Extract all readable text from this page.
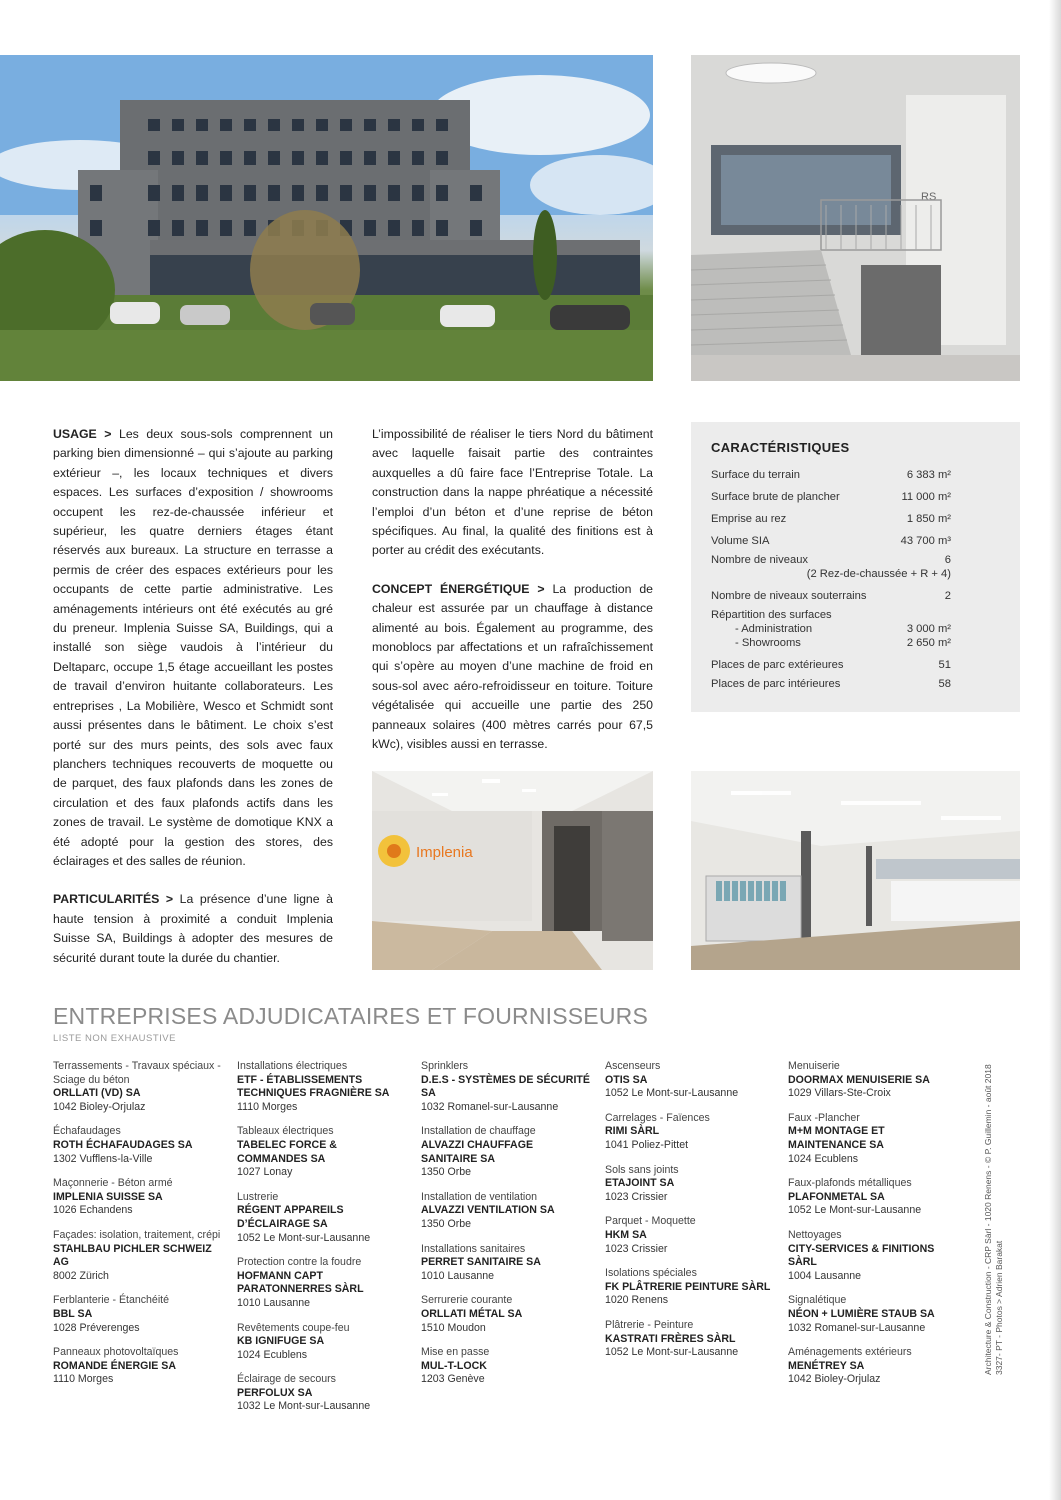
RS

USAGE > Les deux sous-sols comprennent un parking bien dimensionné – qui s’ajoute au parking extérieur –, les locaux techniques et divers espaces. Les surfaces d’exposition / showrooms occupent les rez-de-chaussée inférieur et supérieur, les quatre derniers étages étant réservés aux bureaux. La structure en terrasse a permis de créer des espaces extérieurs pour les occupants de cette partie administrative. Les aménagements intérieurs ont été exécutés au gré du preneur. Implenia Suisse SA, Buildings, qui a installé son siège vaudois à l’intérieur du Deltaparc, occupe 1,5 étage accueillant les postes de travail d’environ huitante collaborateurs. Les entreprises , La Mobilière, Wesco et Schmidt sont aussi présentes dans le bâtiment. Le choix s’est porté sur des murs peints, des sols avec faux planchers techniques recouverts de moquette ou de parquet, des faux plafonds dans les zones de circulation et des faux plafonds actifs dans les zones de travail. Le système de domotique KNX a été adopté pour la gestion des stores, des éclairages et des salles de réunion.

PARTICULARITÉS > La présence d’une ligne à haute tension à proximité a conduit Implenia Suisse SA, Buildings à adopter des mesures de sécurité durant toute la durée du chantier.

L’impossibilité de réaliser le tiers Nord du bâtiment avec laquelle faisait partie des contraintes auxquelles a dû faire face l’Entreprise Totale. La construction dans la nappe phréatique a nécessité l’emploi d’un béton et d’une reprise de béton spécifiques. Au final, la qualité des finitions est à porter au crédit des exécutants.

CONCEPT ÉNERGÉTIQUE > La production de chaleur est assurée par un chauffage à distance alimenté au bois. Également au programme, des monoblocs par affectations et un rafraîchissement qui s’opère au moyen d’une machine de froid en sous-sol avec aéro-refroidisseur en toiture. Toiture végétalisée qui accueille une partie des 250 panneaux solaires (400 mètres carrés pour 67,5 kWc), visibles aussi en terrasse.

CARACTÉRISTIQUES
Surface du terrain	6 383 m²
Surface brute de plancher	11 000 m²
Emprise au rez	1 850 m²
Volume SIA	43 700 m³
Nombre de niveaux	6
(2 Rez-de-chaussée + R + 4)
Nombre de niveaux souterrains	2
Répartition des surfaces
- Administration	3 000 m²
- Showrooms	2 650 m²
Places de parc extérieures	51
Places de parc intérieures	58
Implenia
ENTREPRISES ADJUDICATAIRES ET FOURNISSEURS

LISTE NON EXHAUSTIVE

Terrassements - Travaux spéciaux - Sciage du béton
ORLLATI (VD) SA
1042 Bioley-Orjulaz
Échafaudages
ROTH ÉCHAFAUDAGES SA
1302 Vufflens-la-Ville
Maçonnerie - Béton armé
IMPLENIA SUISSE SA
1026 Echandens
Façades: isolation, traitement, crépi
STAHLBAU PICHLER SCHWEIZ AG
8002 Zürich
Ferblanterie - Étanchéité
BBL SA
1028 Préverenges
Panneaux photovoltaïques
ROMANDE ÉNERGIE SA
1110 Morges
Installations électriques
ETF - ÉTABLISSEMENTS TECHNIQUES FRAGNIÈRE SA
1110 Morges
Tableaux électriques
TABELEC FORCE & COMMANDES SA
1027 Lonay
Lustrerie
RÉGENT APPAREILS D’ÉCLAIRAGE SA
1052 Le Mont-sur-Lausanne
Protection contre la foudre
HOFMANN CAPT PARATONNERRES SÀRL
1010 Lausanne
Revêtements coupe-feu
KB IGNIFUGE SA
1024 Ecublens
Éclairage de secours
PERFOLUX SA
1032 Le Mont-sur-Lausanne
Sprinklers
D.E.S - SYSTÈMES DE SÉCURITÉ SA
1032 Romanel-sur-Lausanne
Installation de chauffage
ALVAZZI CHAUFFAGE SANITAIRE SA
1350 Orbe
Installation de ventilation
ALVAZZI VENTILATION SA
1350 Orbe
Installations sanitaires
PERRET SANITAIRE SA
1010 Lausanne
Serrurerie courante
ORLLATI MÉTAL SA
1510 Moudon
Mise en passe
MUL-T-LOCK
1203 Genève
Ascenseurs
OTIS SA
1052 Le Mont-sur-Lausanne
Carrelages - Faïences
RIMI SÀRL
1041 Poliez-Pittet
Sols sans joints
ETAJOINT SA
1023 Crissier
Parquet - Moquette
HKM SA
1023 Crissier
Isolations spéciales
FK PLÂTRERIE PEINTURE SÀRL
1020 Renens
Plâtrerie - Peinture
KASTRATI FRÈRES SÀRL
1052 Le Mont-sur-Lausanne
Menuiserie
DOORMAX MENUISERIE SA
1029 Villars-Ste-Croix
Faux -Plancher
M+M MONTAGE ET MAINTENANCE SA
1024 Ecublens
Faux-plafonds métalliques
PLAFONMETAL SA
1052 Le Mont-sur-Lausanne
Nettoyages
CITY-SERVICES & FINITIONS SÀRL
1004 Lausanne
Signalétique
NÉON + LUMIÈRE STAUB SA
1032 Romanel-sur-Lausanne
Aménagements extérieurs
MENÉTREY SA
1042 Bioley-Orjulaz
Architecture & Construction - CRP Sàrl - 1020 Renens - © P. Guillemin - août 2018 3327- PT - Photos > Adrien Barakat
